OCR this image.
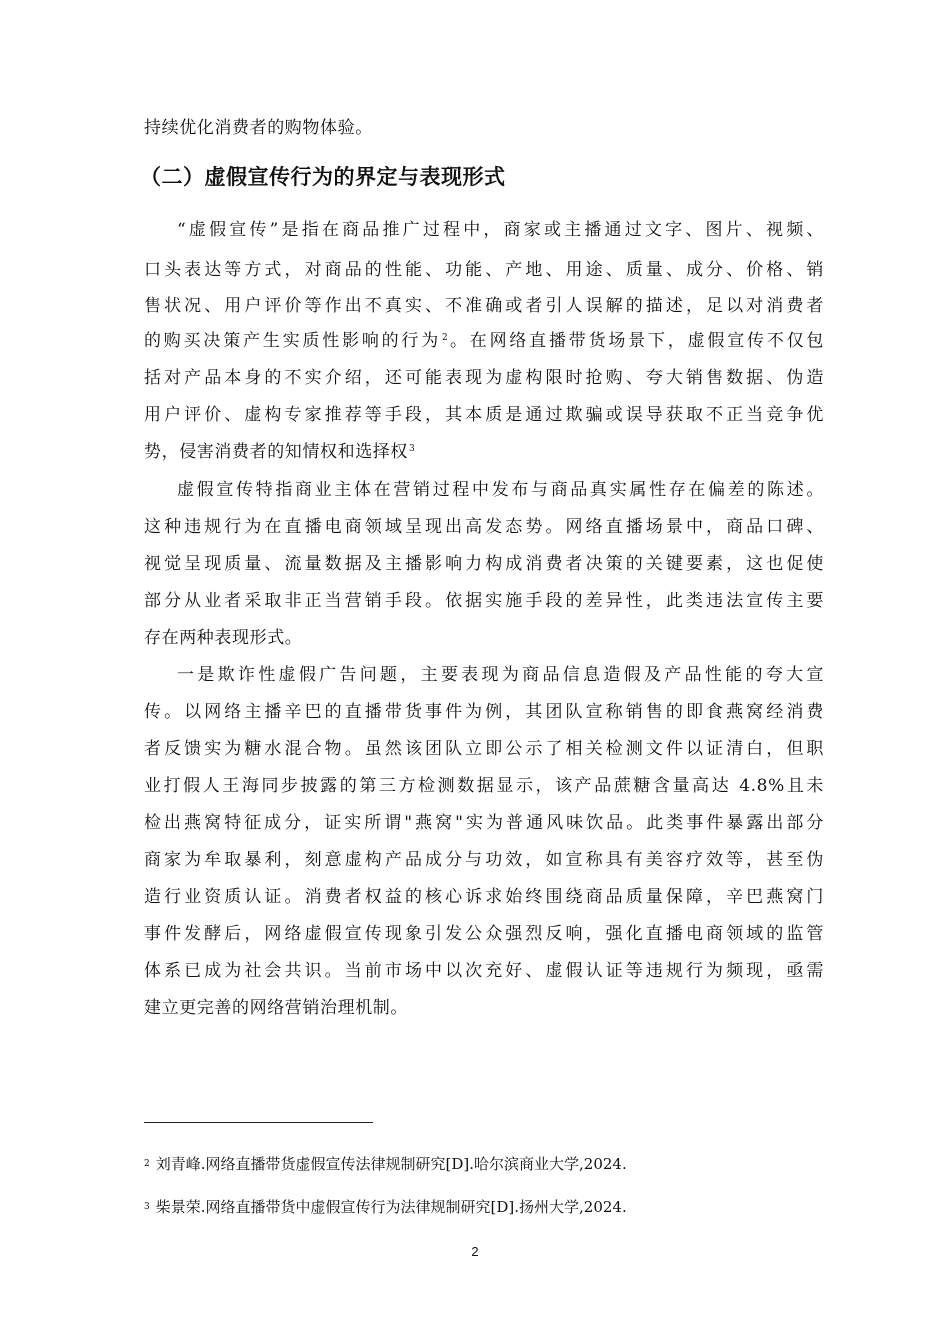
持续优化消费者的购物体验。
（二）虚假宣传行为的界定与表现形式
“虚假宣传”是指在商品推广过程中，商家或主播通过文字、图片、视频、
口头表达等方式，对商品的性能、功能、产地、用途、质量、成分、价格、销
售状况、用户评价等作出不真实、不准确或者引人误解的描述，足以对消费者
的购买决策产生实质性影响的行为$^2$。在网络直播带货场景下，虚假宣传不仅包
括对产品本身的不实介绍，还可能表现为虚构限时抢购、夸大销售数据、伪造
用户评价、虚构专家推荐等手段，其本质是通过欺骗或误导获取不正当竞争优
势，侵害消费者的知情权和选择权$^3$
虚假宣传特指商业主体在营销过程中发布与商品真实属性存在偏差的陈述。
这种违规行为在直播电商领域呈现出高发态势。网络直播场景中，商品口碑、
视觉呈现质量、流量数据及主播影响力构成消费者决策的关键要素，这也促使
部分从业者采取非正当营销手段。依据实施手段的差异性，此类违法宣传主要
存在两种表现形式。
一是欺诈性虚假广告问题，主要表现为商品信息造假及产品性能的夸大宣
传。以网络主播辛巴的直播带货事件为例，其团队宣称销售的即食燕窝经消费
者反馈实为糖水混合物。虽然该团队立即公示了相关检测文件以证清白，但职
业打假人王海同步披露的第三方检测数据显示，该产品蔗糖含量高达 4.8%且未
检出燕窝特征成分，证实所谓"燕窝"实为普通风味饮品。此类事件暴露出部分
商家为牟取暴利，刻意虚构产品成分与功效，如宣称具有美容疗效等，甚至伪
造行业资质认证。消费者权益的核心诉求始终围绕商品质量保障，辛巴燕窝门
事件发酵后，网络虚假宣传现象引发公众强烈反响，强化直播电商领域的监管
体系已成为社会共识。当前市场中以次充好、虚假认证等违规行为频现，亟需
建立更完善的网络营销治理机制。
$^2$ 刘青峰.网络直播带货虚假宣传法律规制研究[D].哈尔滨商业大学,2024.
$^3$ 柴景荣.网络直播带货中虚假宣传行为法律规制研究[D].扬州大学,2024.
2
